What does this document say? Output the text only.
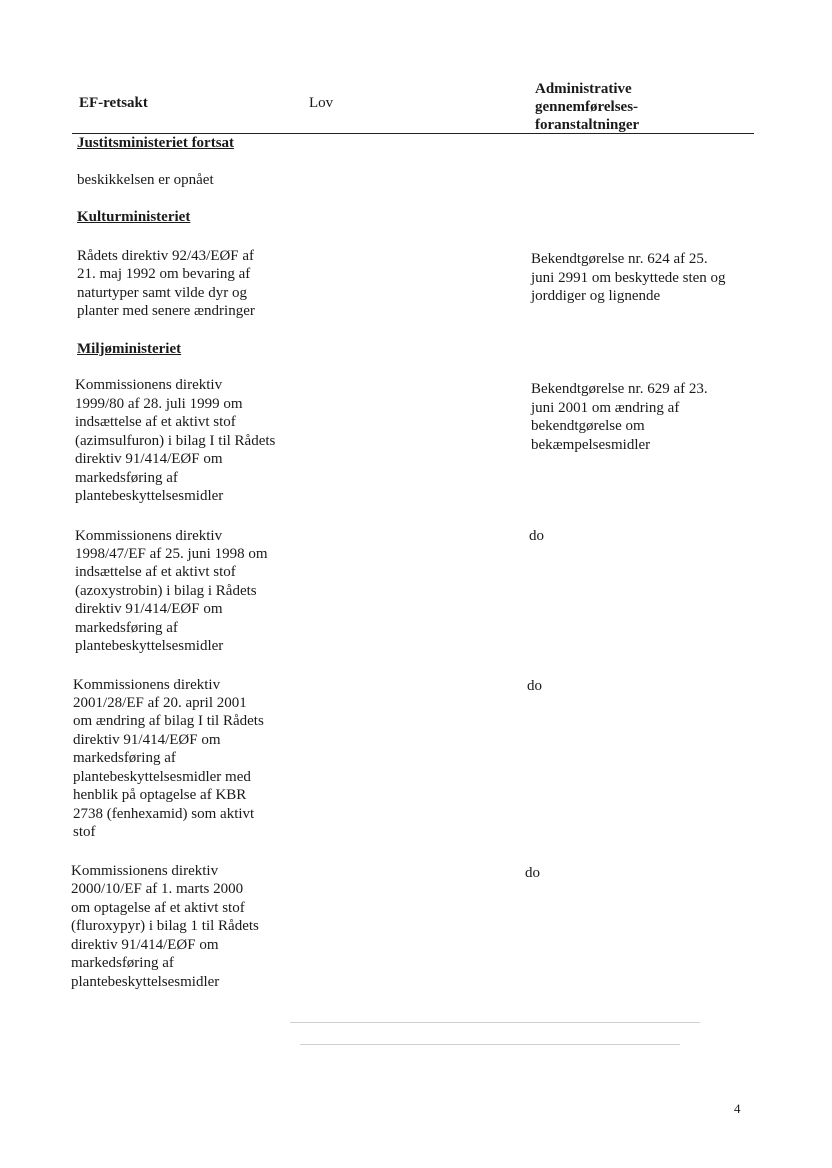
EF-retsakt	Lov
Administrative
gennemførelses-
foranstaltninger
Justitsministeriet fortsat
beskikkelsen er opnået
Kulturministeriet
Rådets direktiv 92/43/EØF af
21. maj 1992 om bevaring af
naturtyper samt vilde dyr og
planter med senere ændringer
Bekendtgørelse nr. 624 af 25.
juni 2991 om beskyttede sten og
jorddiger og lignende
Miljøministeriet
Kommissionens direktiv
1999/80 af 28. juli 1999 om
indsættelse af et aktivt stof
(azimsulfuron) i bilag I til Rådets
direktiv 91/414/EØF om
markedsføring af
plantebeskyttelsesmidler
Bekendtgørelse nr. 629 af 23.
juni 2001 om ændring af
bekendtgørelse om
bekæmpelsesmidler
Kommissionens direktiv
1998/47/EF af 25. juni 1998 om
indsættelse af et aktivt stof
(azoxystrobin) i bilag i Rådets
direktiv 91/414/EØF om
markedsføring af
plantebeskyttelsesmidler
do
Kommissionens direktiv
2001/28/EF af 20. april 2001
om ændring af bilag I til Rådets
direktiv 91/414/EØF om
markedsføring af
plantebeskyttelsesmidler med
henblik på optagelse af KBR
2738 (fenhexamid) som aktivt
stof
do
Kommissionens direktiv
2000/10/EF af 1. marts 2000
om optagelse af et aktivt stof
(fluroxypyr) i bilag 1 til Rådets
direktiv 91/414/EØF om
markedsføring af
plantebeskyttelsesmidler
do
4
